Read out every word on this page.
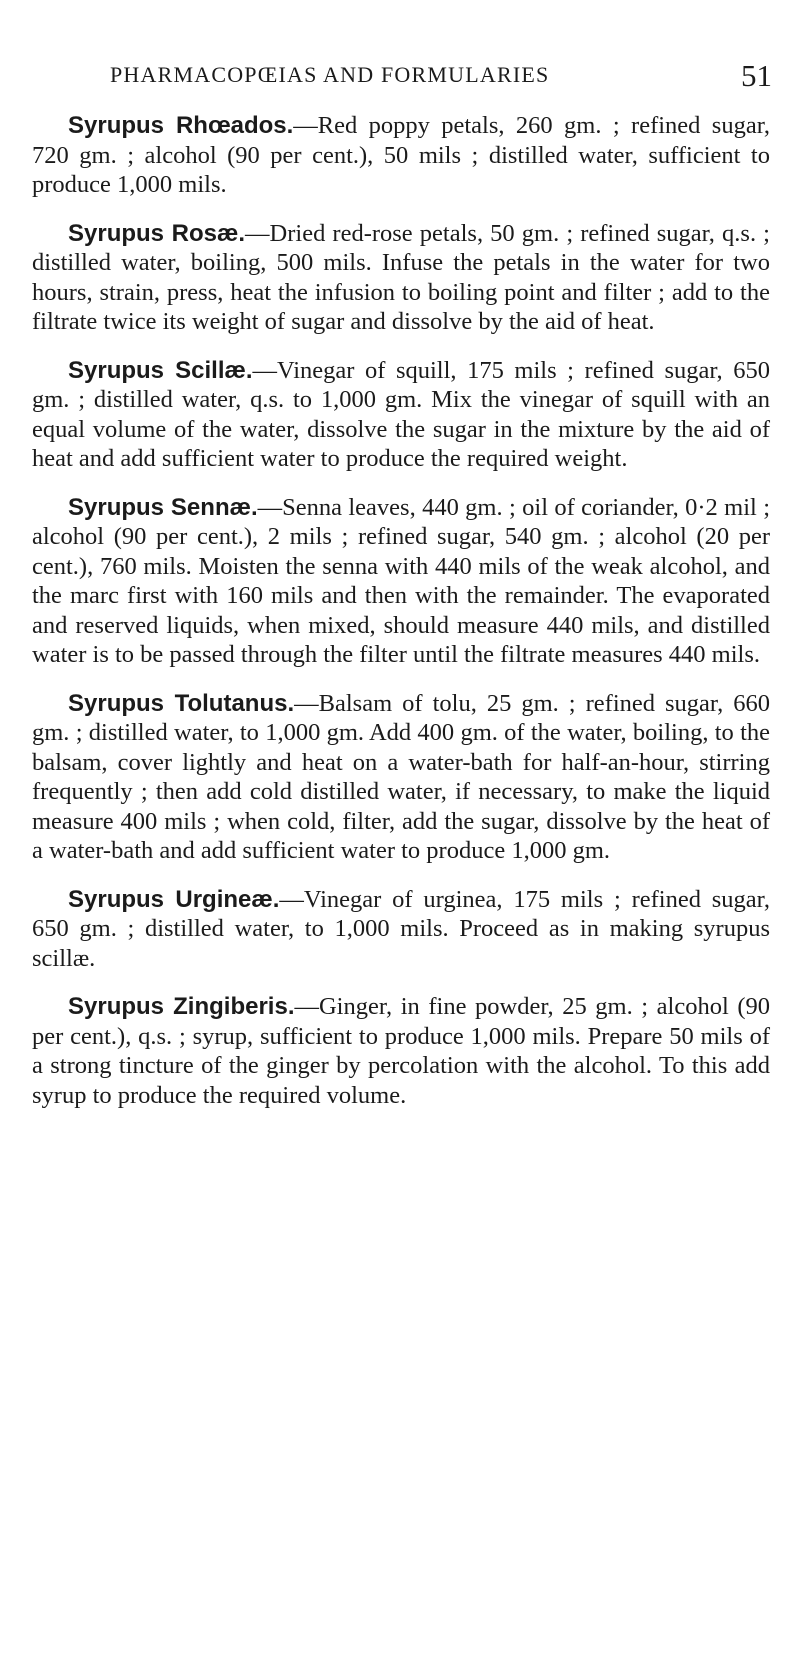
PHARMACOPŒIAS AND FORMULARIES	51

Syrupus Rhœados.—Red poppy petals, 260 gm. ; refined sugar, 720 gm. ; alcohol (90 per cent.), 50 mils ; distilled water, sufficient to produce 1,000 mils.

Syrupus Rosæ.—Dried red-rose petals, 50 gm. ; refined sugar, q.s. ; distilled water, boiling, 500 mils. Infuse the petals in the water for two hours, strain, press, heat the infusion to boiling point and filter ; add to the filtrate twice its weight of sugar and dissolve by the aid of heat.

Syrupus Scillæ.—Vinegar of squill, 175 mils ; refined sugar, 650 gm. ; distilled water, q.s. to 1,000 gm. Mix the vinegar of squill with an equal volume of the water, dissolve the sugar in the mixture by the aid of heat and add sufficient water to produce the required weight.

Syrupus Sennæ.—Senna leaves, 440 gm. ; oil of coriander, 0·2 mil ; alcohol (90 per cent.), 2 mils ; refined sugar, 540 gm. ; alcohol (20 per cent.), 760 mils. Moisten the senna with 440 mils of the weak alcohol, and the marc first with 160 mils and then with the remainder. The evaporated and reserved liquids, when mixed, should measure 440 mils, and distilled water is to be passed through the filter until the filtrate measures 440 mils.

Syrupus Tolutanus.—Balsam of tolu, 25 gm. ; refined sugar, 660 gm. ; distilled water, to 1,000 gm. Add 400 gm. of the water, boiling, to the balsam, cover lightly and heat on a water-bath for half-an-hour, stirring frequently ; then add cold distilled water, if necessary, to make the liquid measure 400 mils ; when cold, filter, add the sugar, dissolve by the heat of a water-bath and add sufficient water to produce 1,000 gm.

Syrupus Urgineæ.—Vinegar of urginea, 175 mils ; refined sugar, 650 gm. ; distilled water, to 1,000 mils. Proceed as in making syrupus scillæ.

Syrupus Zingiberis.—Ginger, in fine powder, 25 gm. ; alcohol (90 per cent.), q.s. ; syrup, sufficient to produce 1,000 mils. Prepare 50 mils of a strong tincture of the ginger by percolation with the alcohol. To this add syrup to produce the required volume.
